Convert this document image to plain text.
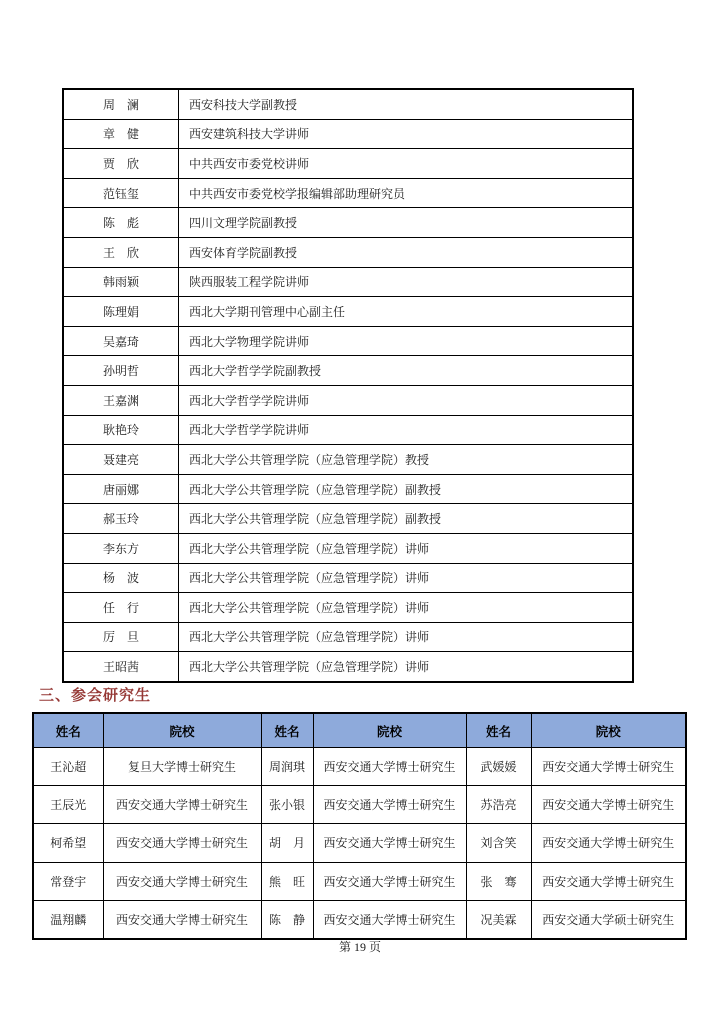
周　澜	西安科技大学副教授
章　健	西安建筑科技大学讲师
贾　欣	中共西安市委党校讲师
范钰玺	中共西安市委党校学报编辑部助理研究员
陈　彪	四川文理学院副教授
王　欣	西安体育学院副教授
韩雨颖	陕西服装工程学院讲师
陈理娟	西北大学期刊管理中心副主任
吴嘉琦	西北大学物理学院讲师
孙明哲	西北大学哲学学院副教授
王嘉渊	西北大学哲学学院讲师
耿艳玲	西北大学哲学学院讲师
聂建亮	西北大学公共管理学院（应急管理学院）教授
唐丽娜	西北大学公共管理学院（应急管理学院）副教授
郝玉玲	西北大学公共管理学院（应急管理学院）副教授
李东方	西北大学公共管理学院（应急管理学院）讲师
杨　波	西北大学公共管理学院（应急管理学院）讲师
任　行	西北大学公共管理学院（应急管理学院）讲师
厉　旦	西北大学公共管理学院（应急管理学院）讲师
王昭茜	西北大学公共管理学院（应急管理学院）讲师
三、参会研究生
姓名	院校	姓名	院校	姓名	院校
王沁超	复旦大学博士研究生	周润琪	西安交通大学博士研究生	武媛媛	西安交通大学博士研究生
王辰光	西安交通大学博士研究生	张小银	西安交通大学博士研究生	苏浩亮	西安交通大学博士研究生
柯希望	西安交通大学博士研究生	胡　月	西安交通大学博士研究生	刘含笑	西安交通大学博士研究生
常登宇	西安交通大学博士研究生	熊　旺	西安交通大学博士研究生	张　骞	西安交通大学博士研究生
温翔麟	西安交通大学博士研究生	陈　静	西安交通大学博士研究生	况美霖	西安交通大学硕士研究生
第 19 页
